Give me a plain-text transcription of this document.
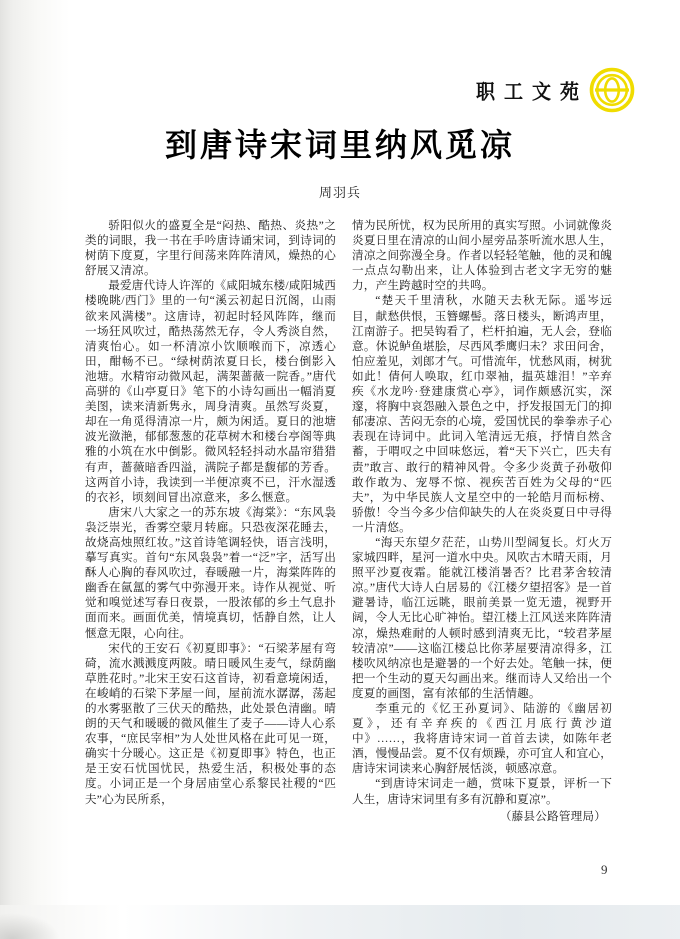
职工文苑
到唐诗宋词里纳风觅凉
周羽兵

骄阳似火的盛夏全是“闷热、酷热、炎热”之类的词眼，我一书在手吟唐诗诵宋词，到诗词的树荫下度夏，字里行间荡来阵阵清风，燥热的心舒展又清凉。

最爱唐代诗人许浑的《咸阳城东楼/咸阳城西楼晚眺/西门》里的一句“溪云初起日沉阁，山雨欲来风满楼”。这唐诗，初起时轻风阵阵，继而一场狂风吹过，酷热荡然无存，令人秀淡自然，清爽怡心。如一杯清凉小饮顺喉而下，凉透心田，酣畅不已。“绿树荫浓夏日长，楼台倒影入池塘。水精帘动微风起，满架蔷薇一院香。”唐代高骈的《山亭夏日》笔下的小诗勾画出一幅消夏美图，读来清新隽永，周身清爽。虽然写炎夏，却在一角觅得清凉一片，颇为闲适。夏日的池塘波光潋滟，郁郁葱葱的花草树木和楼台亭阁等典雅的小筑在水中倒影。微风轻轻抖动水晶帘猎猎有声，蔷薇暗香四溢，满院子都是馥郁的芳香。这两首小诗，我读到一半便凉爽不已，汗水湿透的衣衫，顷刻间冒出凉意来，多么惬意。

唐宋八大家之一的苏东坡《海棠》：“东风袅袅泛崇光，香雾空蒙月转廊。只恐夜深花睡去，故烧高烛照红妆。”这首诗笔调轻快，语言浅明，摹写真实。首句“东风袅袅”着一“泛”字，活写出酥人心胸的春风吹过，春暖融一片，海棠阵阵的幽香在氤氲的雾气中弥漫开来。诗作从视觉、听觉和嗅觉述写春日夜景，一股浓郁的乡土气息扑面而来。画面优美，情境真切，恬静自然，让人惬意无限，心向往。

宋代的王安石《初夏即事》：“石梁茅屋有弯碕，流水溅溅度两陂。晴日暖风生麦气，绿荫幽草胜花时。”北宋王安石这首诗，初看意境闲适，在峻峭的石梁下茅屋一间，屋前流水潺潺，荡起的水雾驱散了三伏天的酷热，此处景色清幽。晴朗的天气和暖暖的微风催生了麦子——诗人心系农事，“庶民宰相”为人处世风格在此可见一斑，确实十分暖心。这正是《初夏即事》特色，也正是王安石忧国忧民，热爱生活，积极处事的态度。小词正是一个身居庙堂心系黎民社稷的“匹夫”心为民所系，

情为民所忧，权为民所用的真实写照。小词就像炎炎夏日里在清凉的山间小屋旁品茶听流水思人生，清凉之间弥漫全身。作者以轻轻笔触，他的灵和魄一点点勾勒出来，让人体验到古老文字无穷的魅力，产生跨越时空的共鸣。

“楚天千里清秋，水随天去秋无际。遥岑远目，献愁供恨，玉簪螺髻。落日楼头，断鸿声里，江南游子。把吴钩看了，栏杆拍遍，无人会，登临意。休说鲈鱼堪脍，尽西风季鹰归未？求田问舍，怕应羞见，刘郎才气。可惜流年，忧愁风雨，树犹如此！倩何人唤取，红巾翠袖，揾英雄泪！”辛弃疾《水龙吟·登建康赏心亭》，词作颇感沉实，深邃，将胸中哀怨融入景色之中，抒发报国无门的抑郁凄凉、苦闷无奈的心境，爱国忧民的拳拳赤子心表现在诗词中。此词入笔清远无痕，抒情自然含蓄，于喟叹之中回味悠远，着“天下兴亡，匹夫有责”敢言、敢行的精神风骨。令多少炎黄子孙敬仰敢作敢为、宠辱不惊、视疾苦百姓为父母的“匹夫”，为中华民族人文星空中的一轮皓月而标榜、骄傲！令当今多少信仰缺失的人在炎炎夏日中寻得一片清悠。

“海天东望夕茫茫，山势川型阔复长。灯火万家城四畔，星河一道水中央。风吹古木晴天雨，月照平沙夏夜霜。能就江楼消暑否？比君茅舍较清凉。”唐代大诗人白居易的《江楼夕望招客》是一首避暑诗，临江远眺，眼前美景一览无遗，视野开阔，令人无比心旷神怡。望江楼上江风送来阵阵清凉，燥热难耐的人顿时感到清爽无比，“较君茅屋较清凉”——这临江楼总比你茅屋要清凉得多，江楼吹风纳凉也是避暑的一个好去处。笔触一抹，便把一个生动的夏天勾画出来。继而诗人又给出一个度夏的画图，富有浓郁的生活情趣。

李重元的《忆王孙夏词》、陆游的《幽居初夏》，还有辛弃疾的《西江月底行黄沙道中》……，我将唐诗宋词一首首去读，如陈年老酒，慢慢品尝。夏不仅有烦躁，亦可宜人和宜心，唐诗宋词读来心胸舒展恬淡，顿感凉意。

“到唐诗宋词走一趟，赏味下夏景，评析一下人生，唐诗宋词里有多有沉静和夏凉”。

（藤县公路管理局）

9
